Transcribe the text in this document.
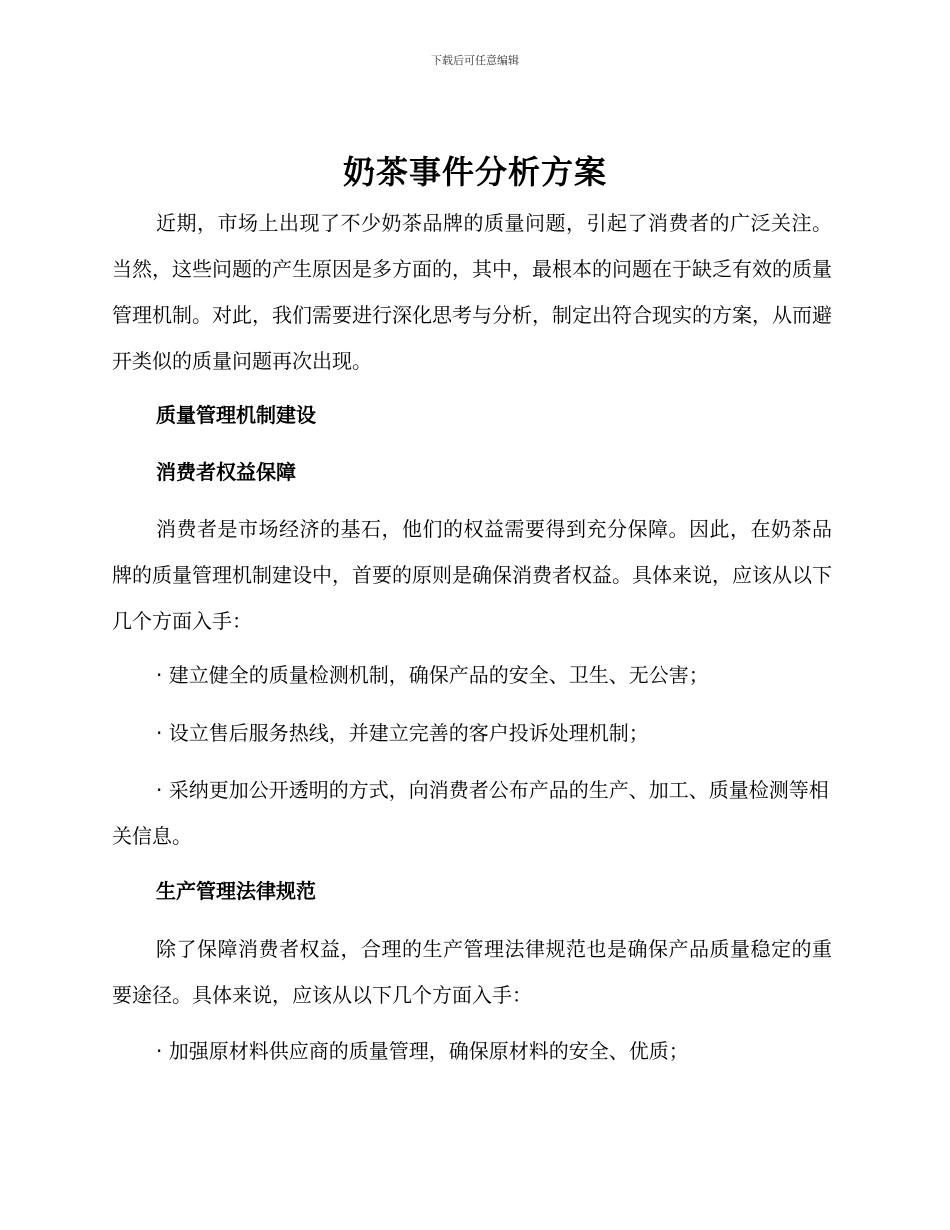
下载后可任意编辑
奶茶事件分析方案

近期，市场上出现了不少奶茶品牌的质量问题，引起了消费者的广泛关注。当然，这些问题的产生原因是多方面的，其中，最根本的问题在于缺乏有效的质量管理机制。对此，我们需要进行深化思考与分析，制定出符合现实的方案，从而避开类似的质量问题再次出现。

质量管理机制建设

消费者权益保障

消费者是市场经济的基石，他们的权益需要得到充分保障。因此，在奶茶品牌的质量管理机制建设中，首要的原则是确保消费者权益。具体来说，应该从以下几个方面入手：

· 建立健全的质量检测机制，确保产品的安全、卫生、无公害；

· 设立售后服务热线，并建立完善的客户投诉处理机制；

· 采纳更加公开透明的方式，向消费者公布产品的生产、加工、质量检测等相关信息。

生产管理法律规范

除了保障消费者权益，合理的生产管理法律规范也是确保产品质量稳定的重要途径。具体来说，应该从以下几个方面入手：

· 加强原材料供应商的质量管理，确保原材料的安全、优质；
